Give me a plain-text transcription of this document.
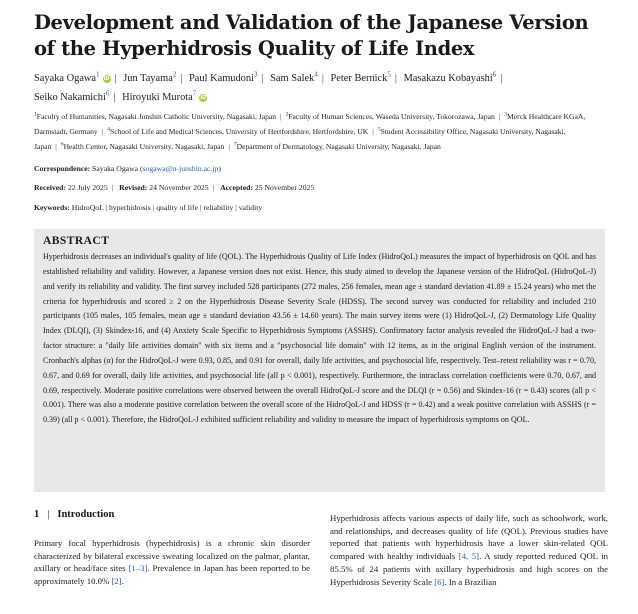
Development and Validation of the Japanese Version of the Hyperhidrosis Quality of Life Index
Sayaka Ogawa$^1$iD | Jun Tayama$^2$ | Paul Kamudoni$^3$ | Sam Salek$^4$ | Peter Bernick$^5$ | Masakazu Kobayashi$^6$ |
Seiko Nakamichi$^6$ | Hiroyuki Murota$^7$iD
$^1$Faculty of Humanities, Nagasaki Junshin Catholic University, Nagasaki, Japan | $^2$Faculty of Human Sciences, Waseda University, Tokorozawa, Japan | $^3$Merck Healthcare KGaA, Darmstadt, Germany | $^4$School of Life and Medical Sciences, University of Hertfordshire, Hertfordshire, UK | $^5$Student Accessibility Office, Nagasaki University, Nagasaki, Japan | $^6$Health Center, Nagasaki University, Nagasaki, Japan | $^7$Department of Dermatology, Nagasaki University, Nagasaki, Japan
Correspondence: Sayaka Ogawa (sogawa@n-junshin.ac.jp)
Received: 22 July 2025 | Revised: 24 November 2025 | Accepted: 25 November 2025
Keywords: HidroQoL | hyperhidrosis | quality of life | reliability | validity
ABSTRACT

Hyperhidrosis decreases an individual's quality of life (QOL). The Hyperhidrosis Quality of Life Index (HidroQoL) measures the impact of hyperhidrosis on QOL and has established reliability and validity. However, a Japanese version does not exist. Hence, this study aimed to develop the Japanese version of the HidroQoL (HidroQoL-J) and verify its reliability and validity. The first survey included 528 participants (272 males, 256 females, mean age ± standard deviation 41.89 ± 15.24 years) who met the criteria for hyperhidrosis and scored ≥ 2 on the Hyperhidrosis Disease Severity Scale (HDSS). The second survey was conducted for reliability and included 210 participants (105 males, 105 females, mean age ± standard deviation 43.56 ± 14.60 years). The main survey items were (1) HidroQoL-J, (2) Dermatology Life Quality Index (DLQI), (3) Skindex-16, and (4) Anxiety Scale Specific to Hyperhidrosis Symptoms (ASSHS). Confirmatory factor analysis revealed the HidroQoL-J had a two-factor structure: a "daily life activities domain" with six items and a "psychosocial life domain" with 12 items, as in the original English version of the instrument. Cronbach's alphas (α) for the HidroQoL-J were 0.93, 0.85, and 0.91 for overall, daily life activities, and psychosocial life, respectively. Test–retest reliability was r = 0.70, 0.67, and 0.69 for overall, daily life activities, and psychosocial life (all p < 0.001), respectively. Furthermore, the intraclass correlation coefficients were 0.70, 0.67, and 0.69, respectively. Moderate positive correlations were observed between the overall HidroQoL-J score and the DLQI (r = 0.56) and Skindex-16 (r = 0.43) scores (all p < 0.001). There was also a moderate positive correlation between the overall score of the HidroQoL-J and HDSS (r = 0.42) and a weak positive correlation with ASSHS (r = 0.39) (all p < 0.001). Therefore, the HidroQoL-J exhibited sufficient reliability and validity to measure the impact of hyperhidrosis symptoms on QOL.

1 | Introduction
Primary focal hyperhidrosis (hyperhidrosis) is a chronic skin disorder characterized by bilateral excessive sweating localized on the palmar, plantar, axillary or head/face sites [1–3]. Prevalence in Japan has been reported to be approximately 10.0% [2].
Hyperhidrosis affects various aspects of daily life, such as schoolwork, work, and relationships, and decreases quality of life (QOL). Previous studies have reported that patients with hyperhidrosis have a lower skin-related QOL compared with healthy individuals [4, 5]. A study reported reduced QOL in 85.5% of 24 patients with axillary hyperhidrosis and high scores on the Hyperhidrosis Severity Scale [6]. In a Brazilian
